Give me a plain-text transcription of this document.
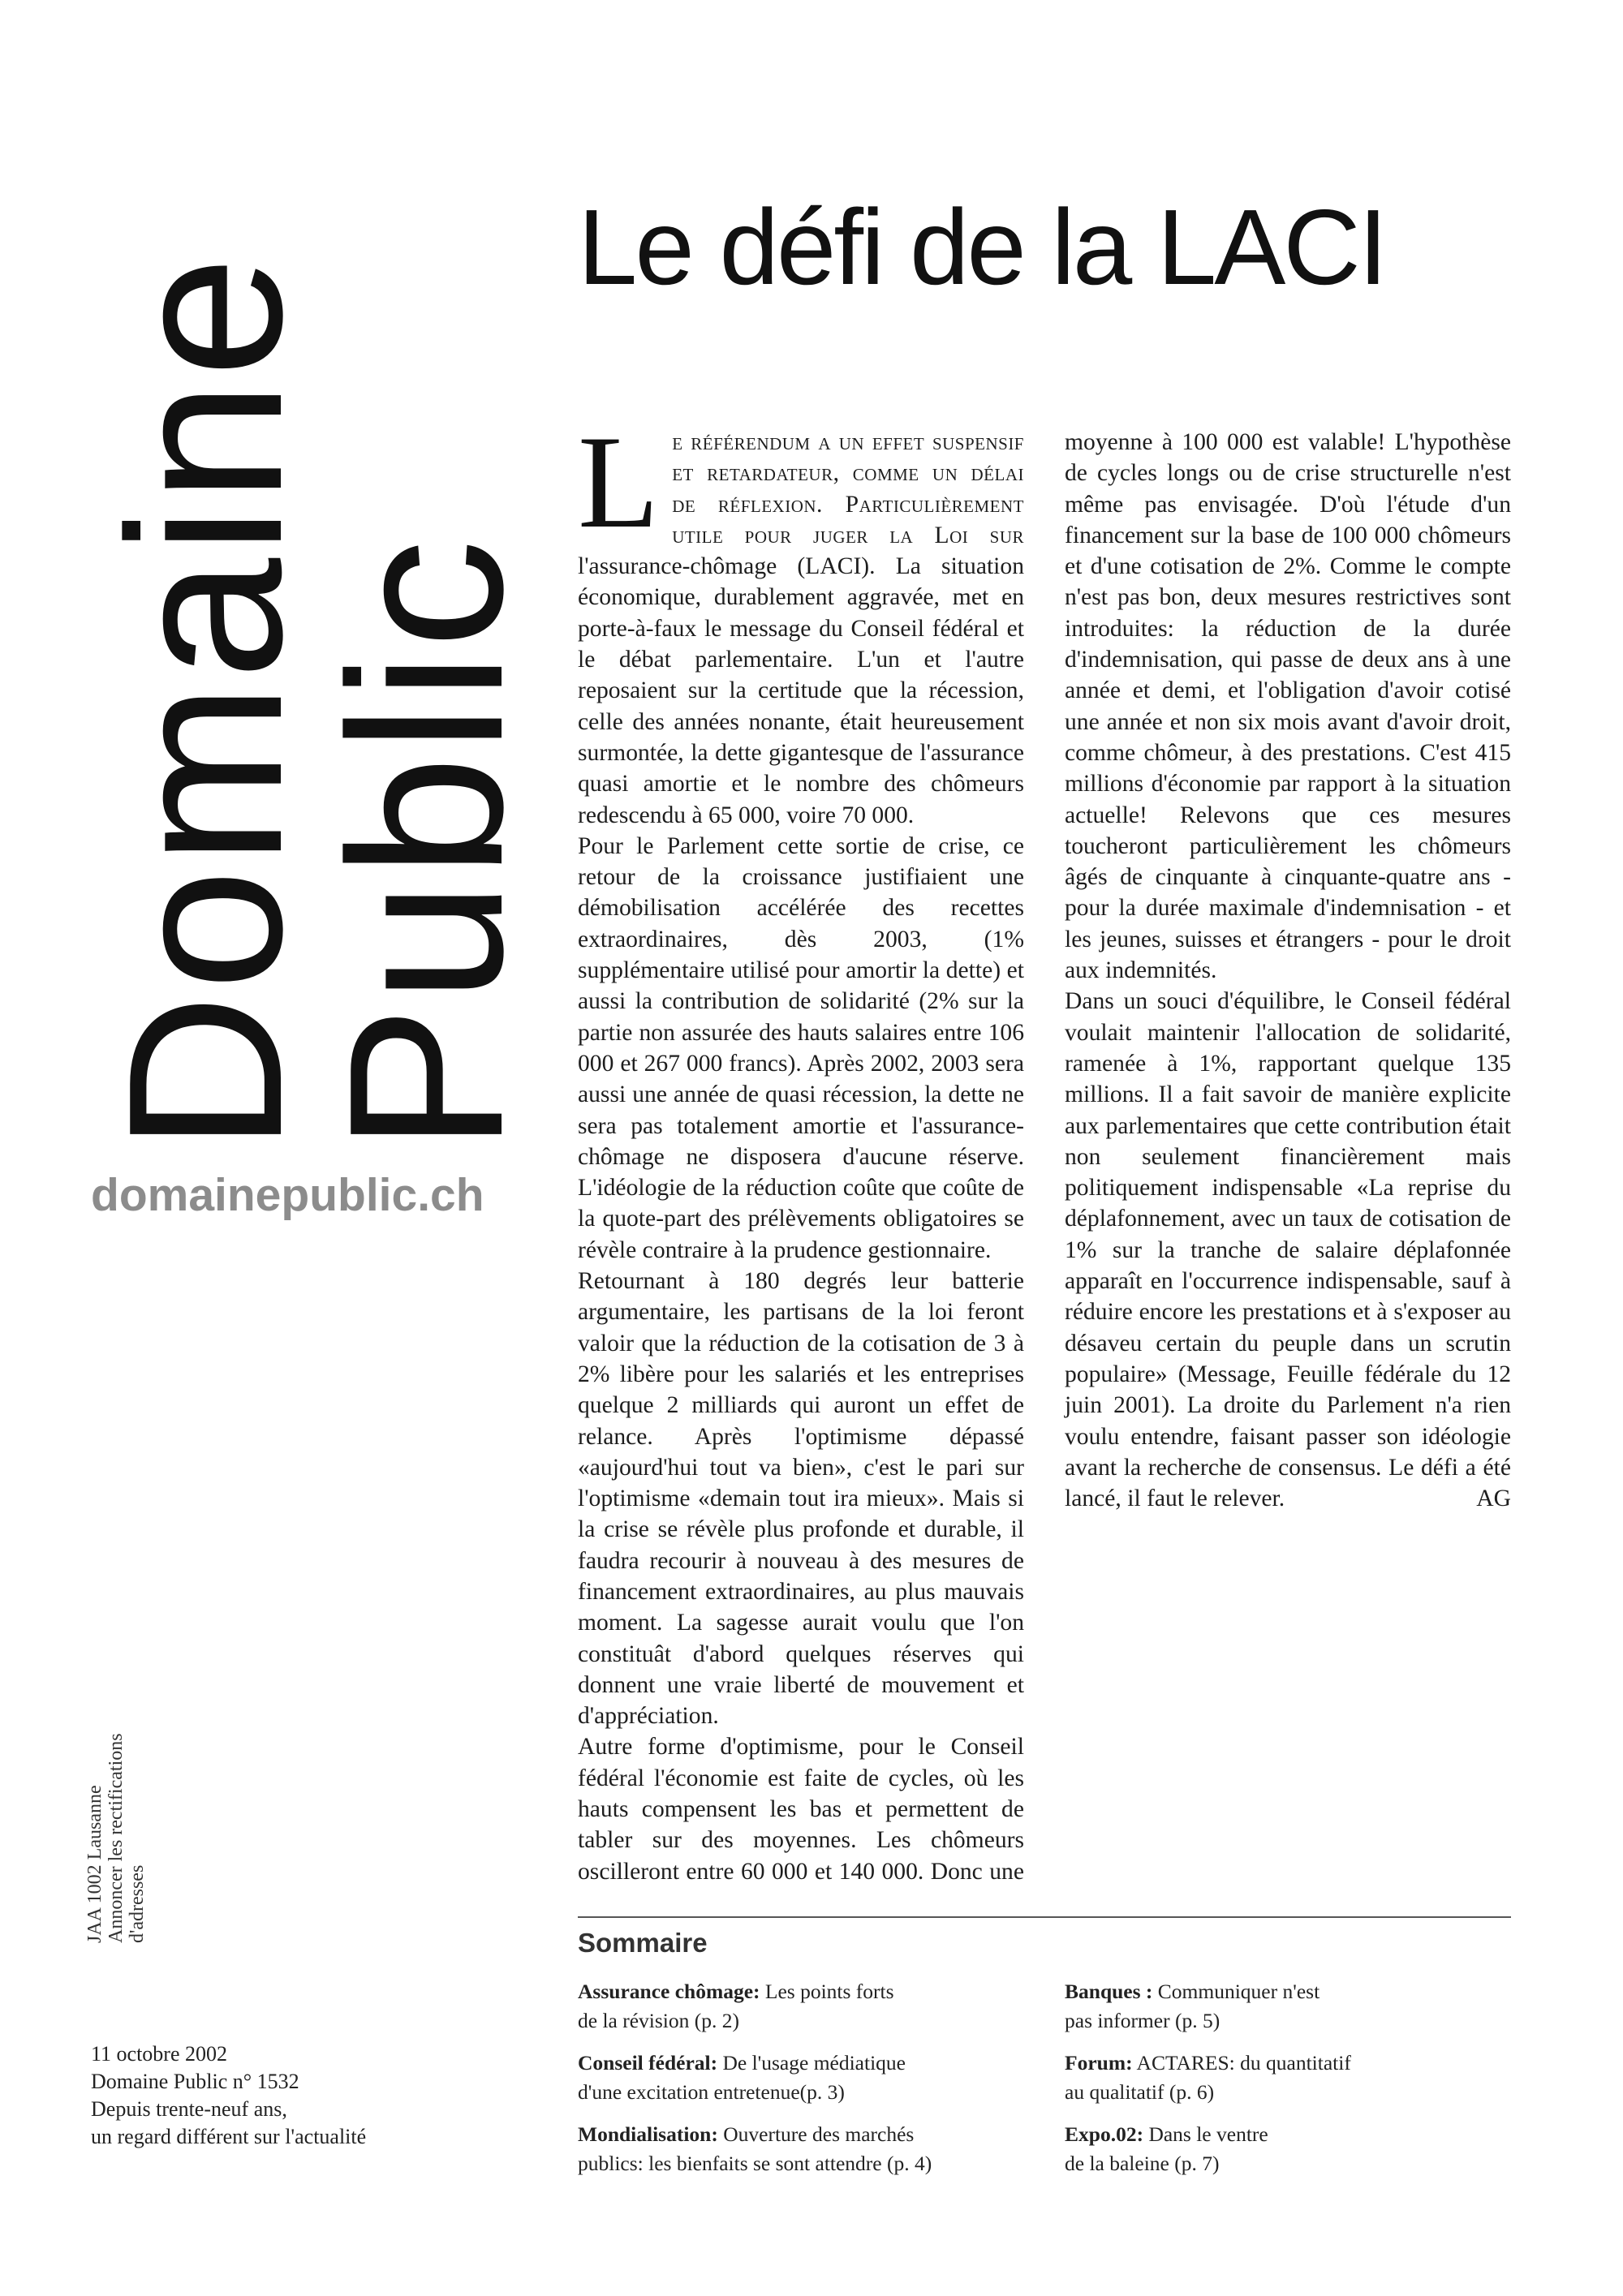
Domaine
Public
domainepublic.ch
JAA 1002 Lausanne Annoncer les rectifications d'adresses
11 octobre 2002
Domaine Public n° 1532
Depuis trente-neuf ans,
un regard différent sur l'actualité
Le défi de la LACI

L e référendum a un effet suspensif et retardateur, comme un délai de réflexion. Particulièrement utile pour juger la Loi sur l'assurance-chômage (LACI). La situation économique, durablement aggravée, met en porte-à-faux le message du Conseil fédéral et le débat parlementaire. L'un et l'autre reposaient sur la certitude que la récession, celle des années nonante, était heureusement surmontée, la dette gigantesque de l'assurance quasi amortie et le nombre des chômeurs redescendu à 65 000, voire 70 000.

Pour le Parlement cette sortie de crise, ce retour de la croissance justifiaient une démobilisation accélérée des recettes extraordinaires, dès 2003, (1% supplémentaire utilisé pour amortir la dette) et aussi la contribution de solidarité (2% sur la partie non assurée des hauts salaires entre 106 000 et 267 000 francs). Après 2002, 2003 sera aussi une année de quasi récession, la dette ne sera pas totalement amortie et l'assurance-chômage ne disposera d'aucune réserve. L'idéologie de la réduction coûte que coûte de la quote-part des prélèvements obligatoires se révèle contraire à la prudence gestionnaire.

Retournant à 180 degrés leur batterie argumentaire, les partisans de la loi feront valoir que la réduction de la cotisation de 3 à 2% libère pour les salariés et les entreprises quelque 2 milliards qui auront un effet de relance. Après l'optimisme dépassé «aujourd'hui tout va bien», c'est le pari sur l'optimisme «demain tout ira mieux». Mais si la crise se révèle plus profonde et durable, il faudra recourir à nouveau à des mesures de financement extraordinaires, au plus mauvais moment. La sagesse aurait voulu que l'on constituât d'abord quelques réserves qui donnent une vraie liberté de mouvement et d'appréciation.

Autre forme d'optimisme, pour le Conseil fédéral l'économie est faite de cycles, où les hauts compensent les bas et permettent de tabler sur des moyennes. Les chômeurs oscilleront entre 60 000 et 140 000. Donc une moyenne à 100 000 est valable! L'hypothèse de cycles longs ou de crise structurelle n'est même pas envisagée. D'où l'étude d'un financement sur la base de 100 000 chômeurs et d'une cotisation de 2%. Comme le compte n'est pas bon, deux mesures restrictives sont introduites: la réduction de la durée d'indemnisation, qui passe de deux ans à une année et demi, et l'obligation d'avoir cotisé une année et non six mois avant d'avoir droit, comme chômeur, à des prestations. C'est 415 millions d'économie par rapport à la situation actuelle! Relevons que ces mesures toucheront particulièrement les chômeurs âgés de cinquante à cinquante-quatre ans - pour la durée maximale d'indemnisation - et les jeunes, suisses et étrangers - pour le droit aux indemnités.

Dans un souci d'équilibre, le Conseil fédéral voulait maintenir l'allocation de solidarité, ramenée à 1%, rapportant quelque 135 millions. Il a fait savoir de manière explicite aux parlementaires que cette contribution était non seulement financièrement mais politiquement indispensable «La reprise du déplafonnement, avec un taux de cotisation de 1% sur la tranche de salaire déplafonnée apparaît en l'occurrence indispensable, sauf à réduire encore les prestations et à s'exposer au désaveu certain du peuple dans un scrutin populaire» (Message, Feuille fédérale du 12 juin 2001). La droite du Parlement n'a rien voulu entendre, faisant passer son idéologie avant la recherche de consensus. Le défi a été lancé, il faut le relever.	AG

Sommaire
Assurance chômage: Les points forts
de la révision (p. 2)
Banques : Communiquer n'est
pas informer (p. 5)
Conseil fédéral: De l'usage médiatique
d'une excitation entretenue(p. 3)
Forum: ACTARES: du quantitatif
au qualitatif (p. 6)
Mondialisation: Ouverture des marchés
publics: les bienfaits se sont attendre (p. 4)
Expo.02: Dans le ventre
de la baleine (p. 7)
